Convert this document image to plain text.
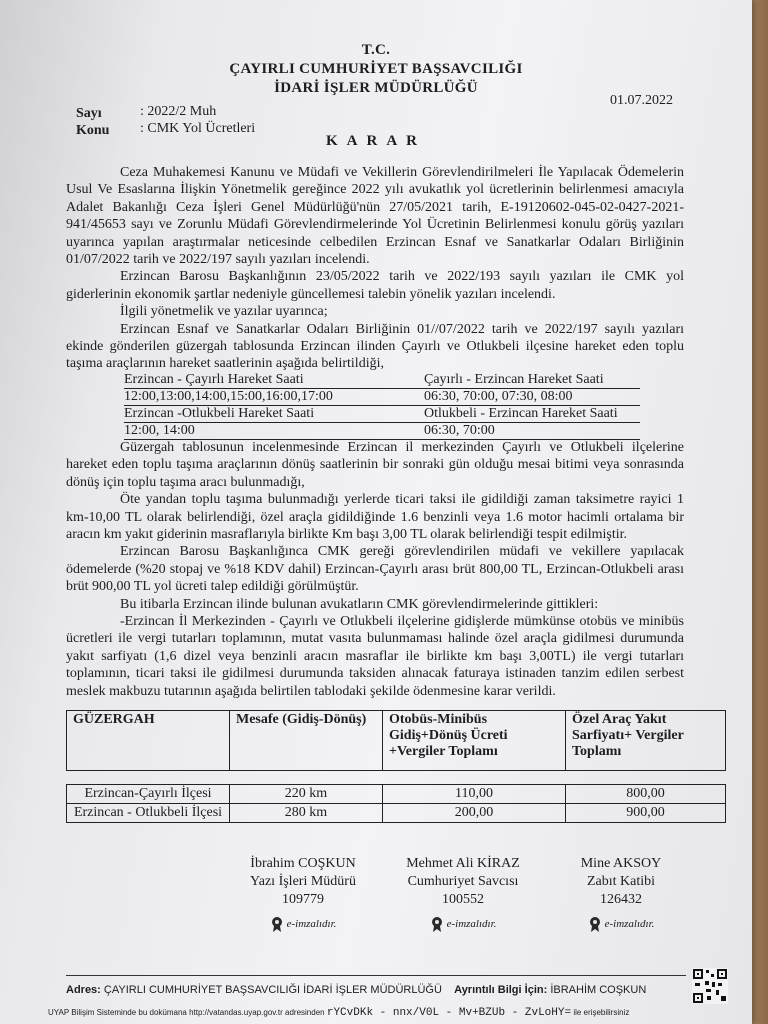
T.C.
ÇAYIRLI CUMHURİYET BAŞSAVCILIĞI
İDARİ İŞLER MÜDÜRLÜĞÜ
Sayı	: 2022/2 Muh
Konu : CMK Yol Ücretleri
01.07.2022
KARAR

Ceza Muhakemesi Kanunu ve Müdafi ve Vekillerin Görevlendirilmeleri İle Yapılacak Ödemelerin Usul Ve Esaslarına İlişkin Yönetmelik gereğince 2022 yılı avukatlık yol ücretlerinin belirlenmesi amacıyla Adalet Bakanlığı Ceza İşleri Genel Müdürlüğü'nün 27/05/2021 tarih, E-19120602-045-02-0427-2021-941/45653 sayı ve Zorunlu Müdafi Görevlendirmelerinde Yol Ücretinin Belirlenmesi konulu görüş yazıları uyarınca yapılan araştırmalar neticesinde celbedilen Erzincan Esnaf ve Sanatkarlar Odaları Birliğinin 01/07/2022 tarih ve 2022/197 sayılı yazıları incelendi.

Erzincan Barosu Başkanlığının 23/05/2022 tarih ve 2022/193 sayılı yazıları ile CMK yol giderlerinin ekonomik şartlar nedeniyle güncellemesi talebin yönelik yazıları incelendi.

İlgili yönetmelik ve yazılar uyarınca;

Erzincan Esnaf ve Sanatkarlar Odaları Birliğinin 01//07/2022 tarih ve 2022/197 sayılı yazıları ekinde gönderilen güzergah tablosunda Erzincan ilinden Çayırlı ve Otlukbeli ilçesine hareket eden toplu taşıma araçlarının hareket saatlerinin aşağıda belirtildiği,

Erzincan - Çayırlı Hareket Saati	Çayırlı - Erzincan Hareket Saati
12:00,13:00,14:00,15:00,16:00,17:00	06:30, 70:00, 07:30, 08:00
Erzincan -Otlukbeli Hareket Saati	Otlukbeli - Erzincan Hareket Saati
12:00, 14:00	06:30, 70:00

Güzergah tablosunun incelenmesinde Erzincan il merkezinden Çayırlı ve Otlukbeli ilçelerine hareket eden toplu taşıma araçlarının dönüş saatlerinin bir sonraki gün olduğu mesai bitimi veya sonrasında dönüş için toplu taşıma aracı bulunmadığı,

Öte yandan toplu taşıma bulunmadığı yerlerde ticari taksi ile gidildiği zaman taksimetre rayici 1 km-10,00 TL olarak belirlendiği, özel araçla gidildiğinde 1.6 benzinli veya 1.6 motor hacimli ortalama bir aracın km yakıt giderinin masraflarıyla birlikte Km başı 3,00 TL olarak belirlendiği tespit edilmiştir.

Erzincan Barosu Başkanlığınca CMK gereği görevlendirilen müdafi ve vekillere yapılacak ödemelerde (%20 stopaj ve %18 KDV dahil) Erzincan-Çayırlı arası brüt 800,00 TL, Erzincan-Otlukbeli arası brüt 900,00 TL yol ücreti talep edildiği görülmüştür.

Bu itibarla Erzincan ilinde bulunan avukatların CMK görevlendirmelerinde gittikleri:

-Erzincan İl Merkezinden - Çayırlı ve Otlukbeli ilçelerine gidişlerde mümkünse otobüs ve minibüs ücretleri ile vergi tutarları toplamının, mutat vasıta bulunmaması halinde özel araçla gidilmesi durumunda yakıt sarfiyatı (1,6 dizel veya benzinli aracın masraflar ile birlikte km başı 3,00TL) ile vergi tutarları toplamının, ticari taksi ile gidilmesi durumunda taksiden alınacak faturaya istinaden tanzim edilen serbest meslek makbuzu tutarının aşağıda belirtilen tablodaki şekilde ödenmesine karar verildi.

GÜZERGAH	Mesafe (Gidiş-Dönüş)	Otobüs-Minibüs Gidiş+Dönüş Ücreti +Vergiler Toplamı	Özel Araç Yakıt Sarfiyatı+ Vergiler Toplamı

Erzincan-Çayırlı İlçesi	220 km	110,00	800,00
Erzincan - Otlukbeli İlçesi	280 km	200,00	900,00
İbrahim COŞKUN
Yazı İşleri Müdürü
109779
e-imzalıdır.
Mehmet Ali KİRAZ
Cumhuriyet Savcısı
100552
e-imzalıdır.
Mine AKSOY
Zabıt Katibi
126432
e-imzalıdır.
Adres: ÇAYIRLI CUMHURİYET BAŞSAVCILIĞI İDARİ İŞLER MÜDÜRLÜĞÜ Ayrıntılı Bilgi İçin: İBRAHİM COŞKUN
UYAP Bilişim Sisteminde bu dokümana http://vatandas.uyap.gov.tr adresinden rYCvDKk - nnx/V0L - Mv+BZUb - ZvLoHY= ile erişebilirsiniz
